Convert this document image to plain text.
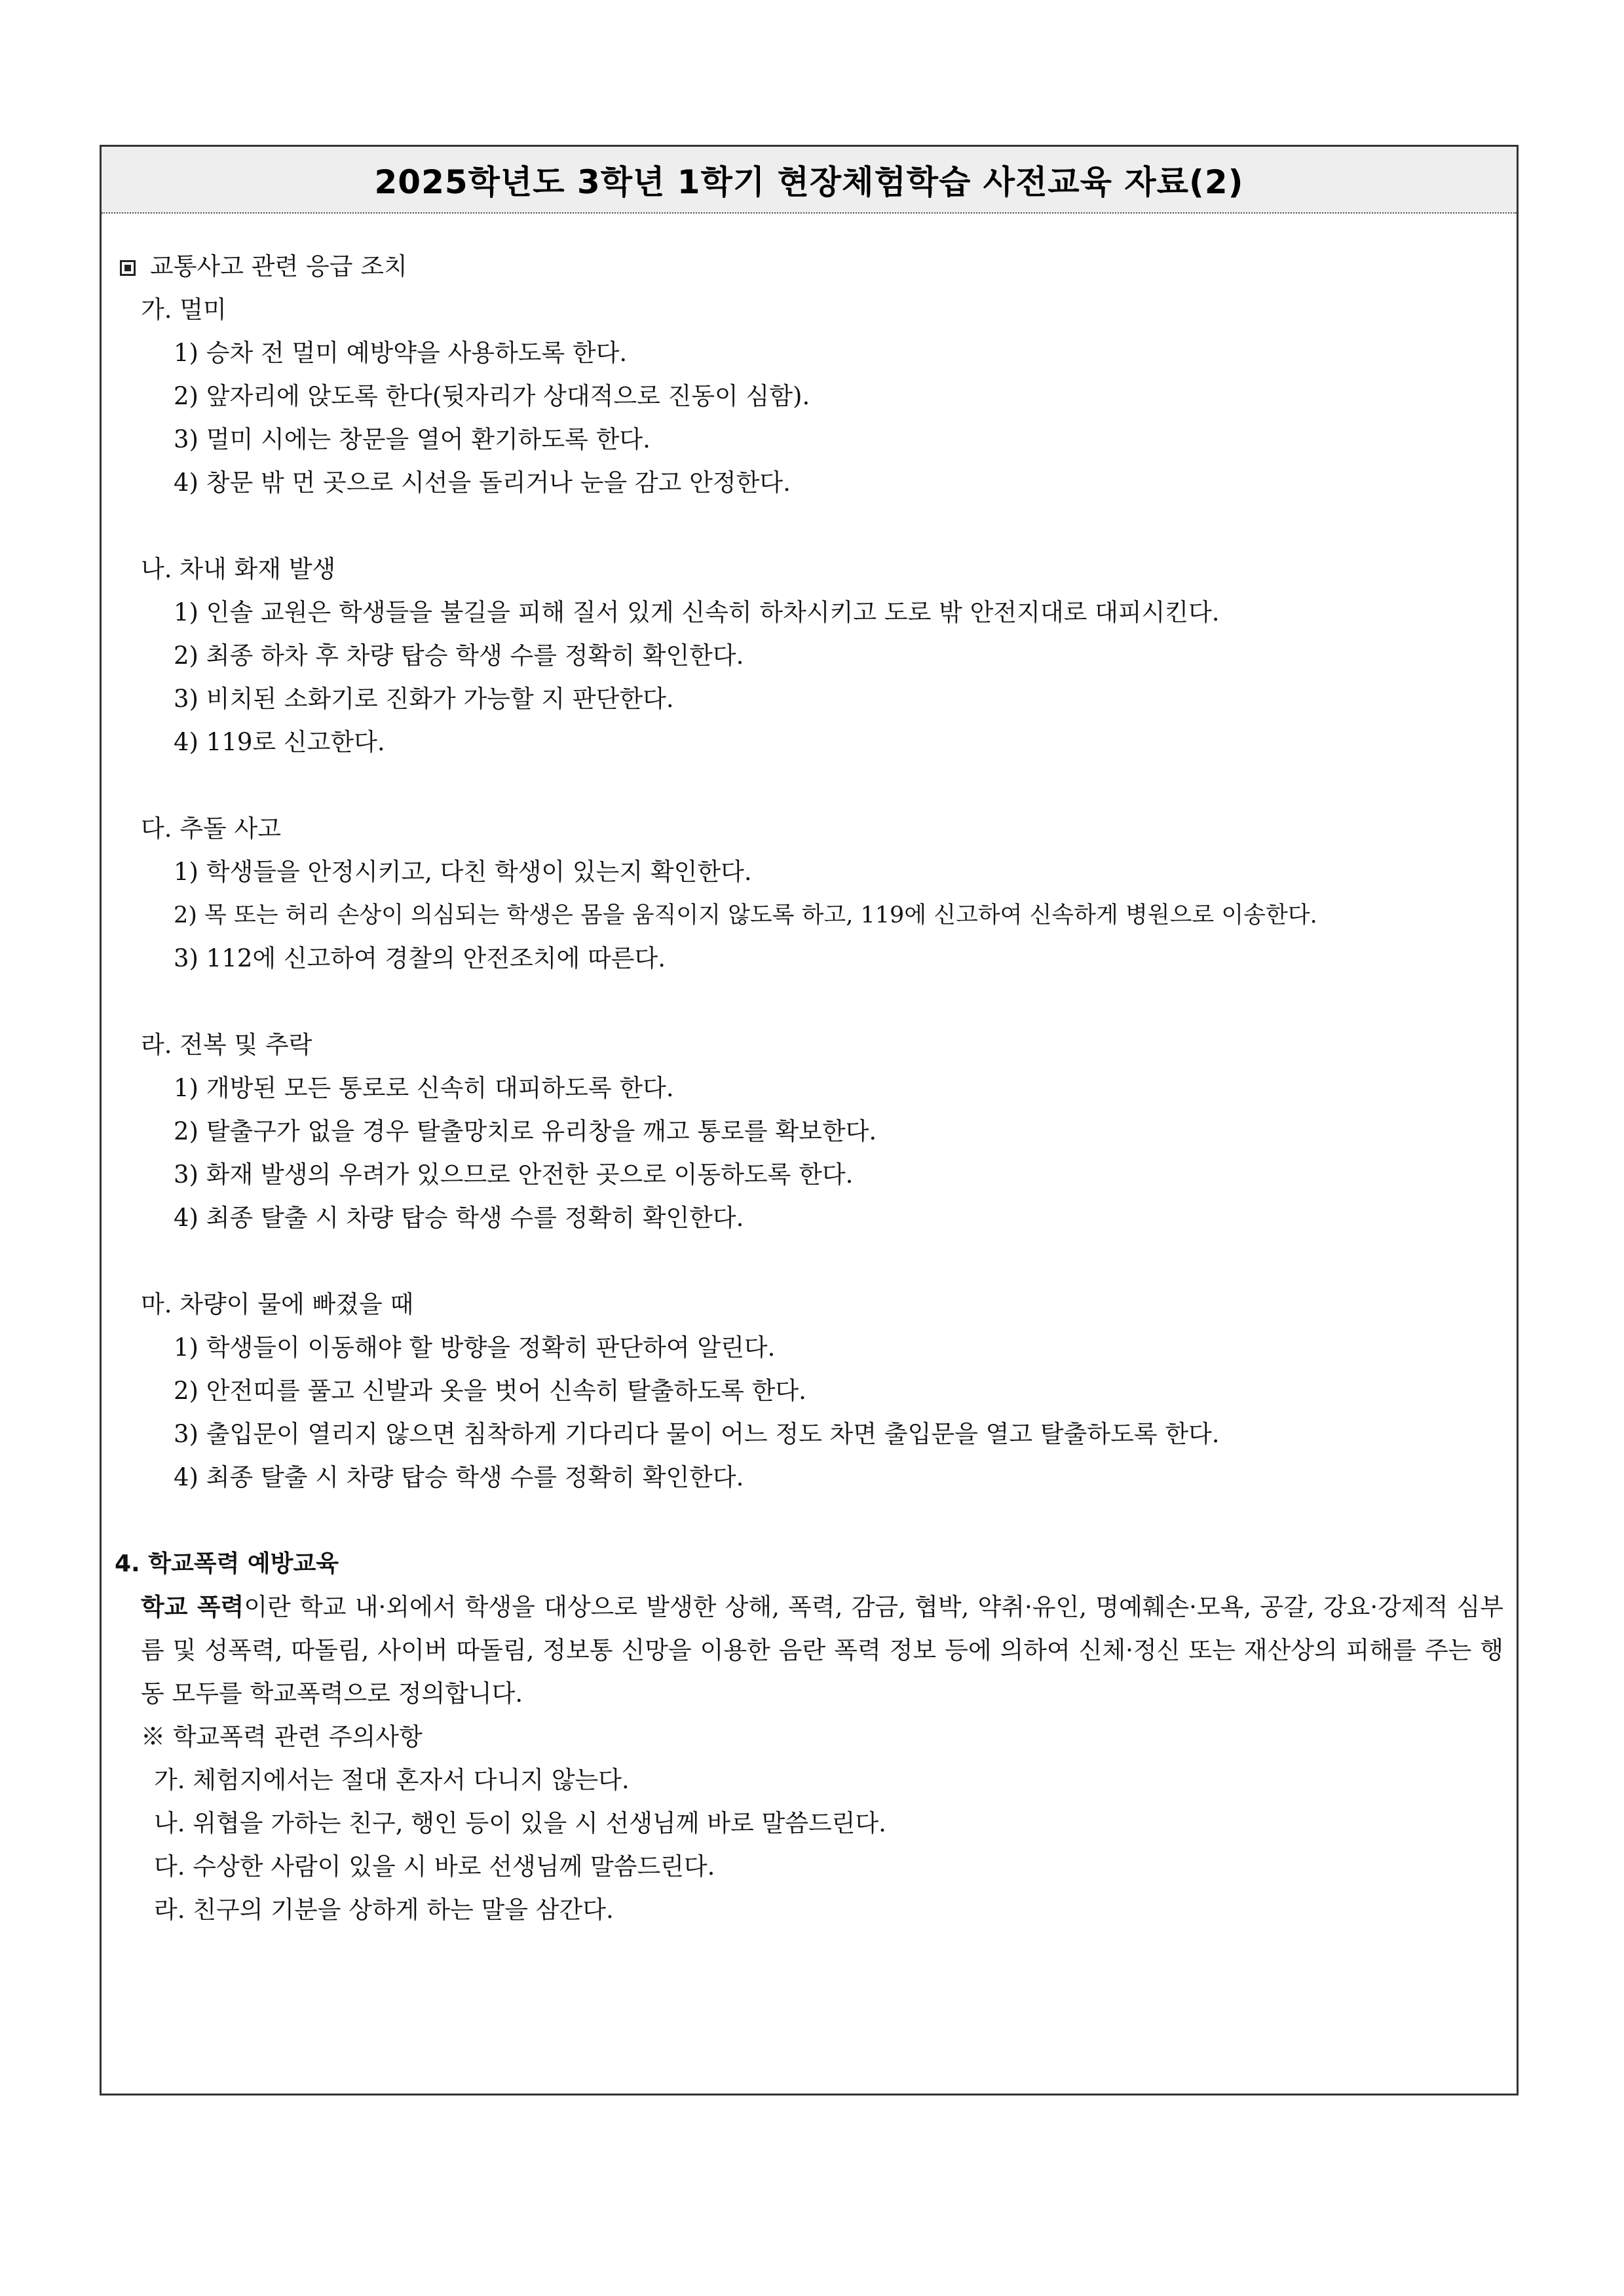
2025학년도 3학년 1학기 현장체험학습 사전교육 자료(2)
교통사고 관련 응급 조치
가. 멀미
1) 승차 전 멀미 예방약을 사용하도록 한다.
2) 앞자리에 앉도록 한다(뒷자리가 상대적으로 진동이 심함).
3) 멀미 시에는 창문을 열어 환기하도록 한다.
4) 창문 밖 먼 곳으로 시선을 돌리거나 눈을 감고 안정한다.
나. 차내 화재 발생
1) 인솔 교원은 학생들을 불길을 피해 질서 있게 신속히 하차시키고 도로 밖 안전지대로 대피시킨다.
2) 최종 하차 후 차량 탑승 학생 수를 정확히 확인한다.
3) 비치된 소화기로 진화가 가능할 지 판단한다.
4) 119로 신고한다.
다. 추돌 사고
1) 학생들을 안정시키고, 다친 학생이 있는지 확인한다.
2) 목 또는 허리 손상이 의심되는 학생은 몸을 움직이지 않도록 하고, 119에 신고하여 신속하게 병원으로 이송한다.
3) 112에 신고하여 경찰의 안전조치에 따른다.
라. 전복 및 추락
1) 개방된 모든 통로로 신속히 대피하도록 한다.
2) 탈출구가 없을 경우 탈출망치로 유리창을 깨고 통로를 확보한다.
3) 화재 발생의 우려가 있으므로 안전한 곳으로 이동하도록 한다.
4) 최종 탈출 시 차량 탑승 학생 수를 정확히 확인한다.
마. 차량이 물에 빠졌을 때
1) 학생들이 이동해야 할 방향을 정확히 판단하여 알린다.
2) 안전띠를 풀고 신발과 옷을 벗어 신속히 탈출하도록 한다.
3) 출입문이 열리지 않으면 침착하게 기다리다 물이 어느 정도 차면 출입문을 열고 탈출하도록 한다.
4) 최종 탈출 시 차량 탑승 학생 수를 정확히 확인한다.
4. 학교폭력 예방교육
학교 폭력이란 학교 내·외에서 학생을 대상으로 발생한 상해, 폭력, 감금, 협박, 약취·유인, 명예훼손·모욕, 공갈, 강요·강제적 심부름 및 성폭력, 따돌림, 사이버 따돌림, 정보통 신망을 이용한 음란 폭력 정보 등에 의하여 신체·정신 또는 재산상의 피해를 주는 행동 모두를 학교폭력으로 정의합니다.
※ 학교폭력 관련 주의사항
가. 체험지에서는 절대 혼자서 다니지 않는다.
나. 위협을 가하는 친구, 행인 등이 있을 시 선생님께 바로 말씀드린다.
다. 수상한 사람이 있을 시 바로 선생님께 말씀드린다.
라. 친구의 기분을 상하게 하는 말을 삼간다.
